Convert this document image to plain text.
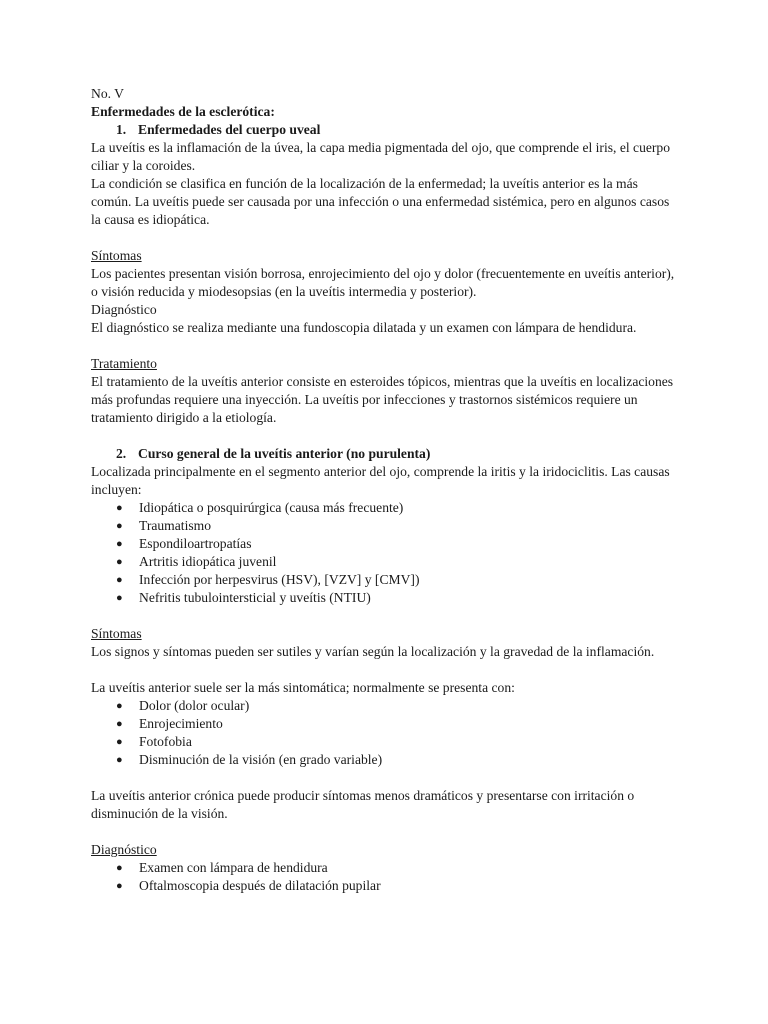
No. V

Enfermedades de la esclerótica:

1. Enfermedades del cuerpo uveal

La uveítis es la inflamación de la úvea, la capa media pigmentada del ojo, que comprende el iris, el cuerpo ciliar y la coroides.

La condición se clasifica en función de la localización de la enfermedad; la uveítis anterior es la más común. La uveítis puede ser causada por una infección o una enfermedad sistémica, pero en algunos casos la causa es idiopática.

Síntomas

Los pacientes presentan visión borrosa, enrojecimiento del ojo y dolor (frecuentemente en uveítis anterior), o visión reducida y miodesopsias (en la uveítis intermedia y posterior).

Diagnóstico

El diagnóstico se realiza mediante una fundoscopia dilatada y un examen con lámpara de hendidura.

Tratamiento

El tratamiento de la uveítis anterior consiste en esteroides tópicos, mientras que la uveítis en localizaciones más profundas requiere una inyección. La uveítis por infecciones y trastornos sistémicos requiere un tratamiento dirigido a la etiología.

2. Curso general de la uveítis anterior (no purulenta)

Localizada principalmente en el segmento anterior del ojo, comprende la iritis y la iridociclitis. Las causas incluyen:

● Idiopática o posquirúrgica (causa más frecuente)
● Traumatismo
● Espondiloartropatías
● Artritis idiopática juvenil
● Infección por herpesvirus (HSV), [VZV] y [CMV])
● Nefritis tubulointersticial y uveítis (NTIU)

Síntomas

Los signos y síntomas pueden ser sutiles y varían según la localización y la gravedad de la inflamación.

La uveítis anterior suele ser la más sintomática; normalmente se presenta con:

● Dolor (dolor ocular)
● Enrojecimiento
● Fotofobia
● Disminución de la visión (en grado variable)

La uveítis anterior crónica puede producir síntomas menos dramáticos y presentarse con irritación o disminución de la visión.

Diagnóstico

● Examen con lámpara de hendidura
● Oftalmoscopia después de dilatación pupilar
